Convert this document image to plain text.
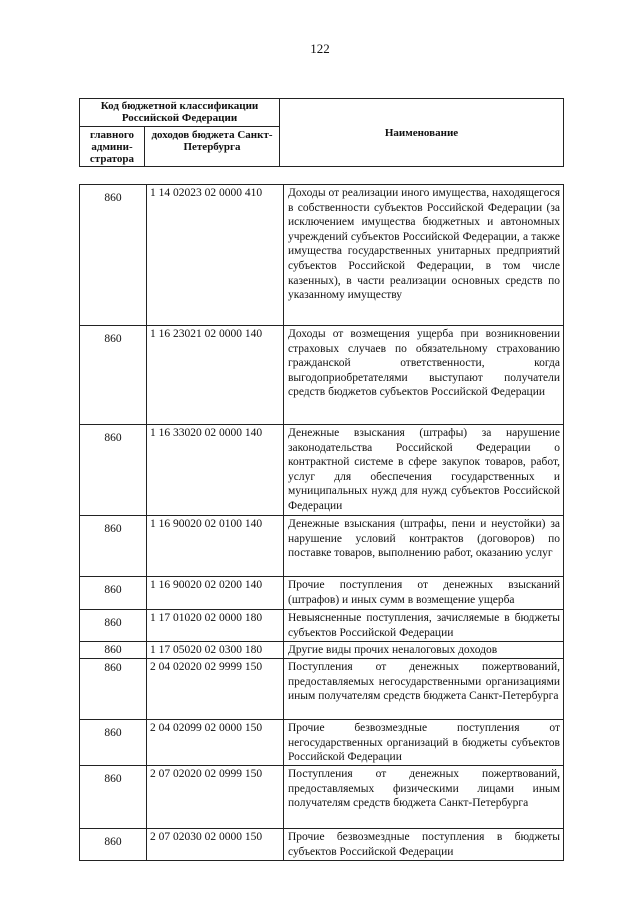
122
Код бюджетной классификации Российской Федерации		Наименование
главного админи-стратора	доходов бюджета Санкт-Петербурга	
860	1 14 02023 02 0000 410	Доходы от реализации иного имущества, находящегося в собственности субъектов Российской Федерации (за исключением имущества бюджетных и автономных учреждений субъектов Российской Федерации, а также имущества государственных унитарных предприятий субъектов Российской Федерации, в том числе казенных), в части реализации основных средств по указанному имуществу
860	1 16 23021 02 0000 140	Доходы от возмещения ущерба при возникновении страховых случаев по обязательному страхованию гражданской ответственности, когда выгодоприобретателями выступают получатели средств бюджетов субъектов Российской Федерации
860	1 16 33020 02 0000 140	Денежные взыскания (штрафы) за нарушение законодательства Российской Федерации о контрактной системе в сфере закупок товаров, работ, услуг для обеспечения государственных и муниципальных нужд для нужд субъектов Российской Федерации
860	1 16 90020 02 0100 140	Денежные взыскания (штрафы, пени и неустойки) за нарушение условий контрактов (договоров) по поставке товаров, выполнению работ, оказанию услуг
860	1 16 90020 02 0200 140	Прочие поступления от денежных взысканий (штрафов) и иных сумм в возмещение ущерба
860	1 17 01020 02 0000 180	Невыясненные поступления, зачисляемые в бюджеты субъектов Российской Федерации
860	1 17 05020 02 0300 180	Другие виды прочих неналоговых доходов
860	2 04 02020 02 9999 150	Поступления от денежных пожертвований, предоставляемых негосударственными организациями иным получателям средств бюджета Санкт-Петербурга
860	2 04 02099 02 0000 150	Прочие безвозмездные поступления от негосударственных организаций в бюджеты субъектов Российской Федерации
860	2 07 02020 02 0999 150	Поступления от денежных пожертвований, предоставляемых физическими лицами иным получателям средств бюджета Санкт-Петербурга
860	2 07 02030 02 0000 150	Прочие безвозмездные поступления в бюджеты субъектов Российской Федерации
